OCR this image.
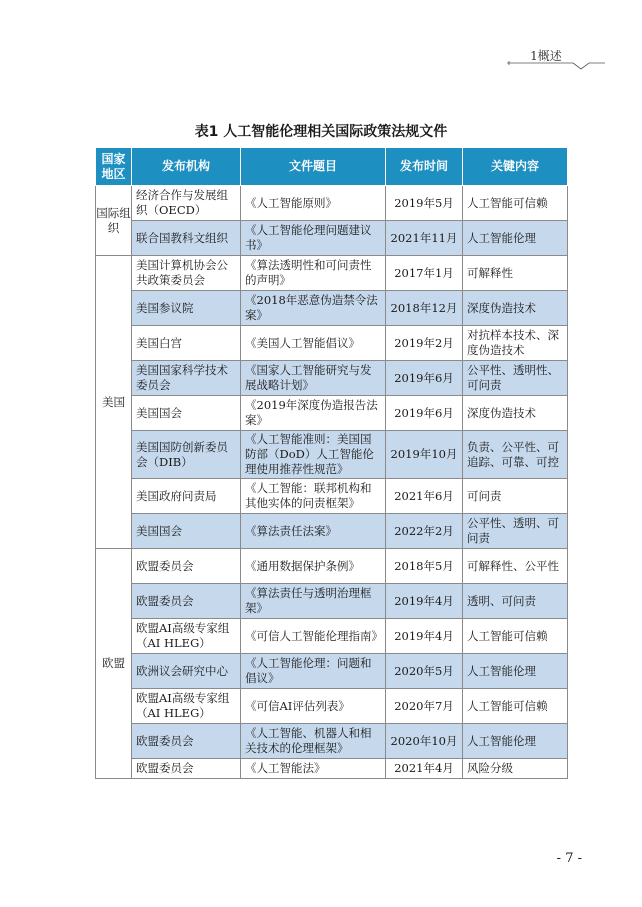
1概述
表1 人工智能伦理相关国际政策法规文件
国家地区	发布机构	文件题目	发布时间	关键内容
国际组织	经济合作与发展组织（OECD）	《人工智能原则》	2019年5月	人工智能可信赖
	联合国教科文组织	《人工智能伦理问题建议书》	2021年11月	人工智能伦理
美国	美国计算机协会公共政策委员会	《算法透明性和可问责性的声明》	2017年1月	可解释性
	美国参议院	《2018年恶意伪造禁令法案》	2018年12月	深度伪造技术
	美国白宫	《美国人工智能倡议》	2019年2月	对抗样本技术、深度伪造技术
	美国国家科学技术委员会	《国家人工智能研究与发展战略计划》	2019年6月	公平性、透明性、可问责
	美国国会	《2019年深度伪造报告法案》	2019年6月	深度伪造技术
	美国国防创新委员会（DIB）	《人工智能准则：美国国防部（DoD）人工智能伦理使用推荐性规范》	2019年10月	负责、公平性、可追踪、可靠、可控
	美国政府问责局	《人工智能：联邦机构和其他实体的问责框架》	2021年6月	可问责
	美国国会	《算法责任法案》	2022年2月	公平性、透明、可问责
欧盟	欧盟委员会	《通用数据保护条例》	2018年5月	可解释性、公平性
	欧盟委员会	《算法责任与透明治理框架》	2019年4月	透明、可问责
	欧盟AI高级专家组（AI HLEG）	《可信人工智能伦理指南》	2019年4月	人工智能可信赖
	欧洲议会研究中心	《人工智能伦理：问题和倡议》	2020年5月	人工智能伦理
	欧盟AI高级专家组（AI HLEG）	《可信AI评估列表》	2020年7月	人工智能可信赖
	欧盟委员会	《人工智能、机器人和相关技术的伦理框架》	2020年10月	人工智能伦理
	欧盟委员会	《人工智能法》	2021年4月	风险分级
- 7 -
